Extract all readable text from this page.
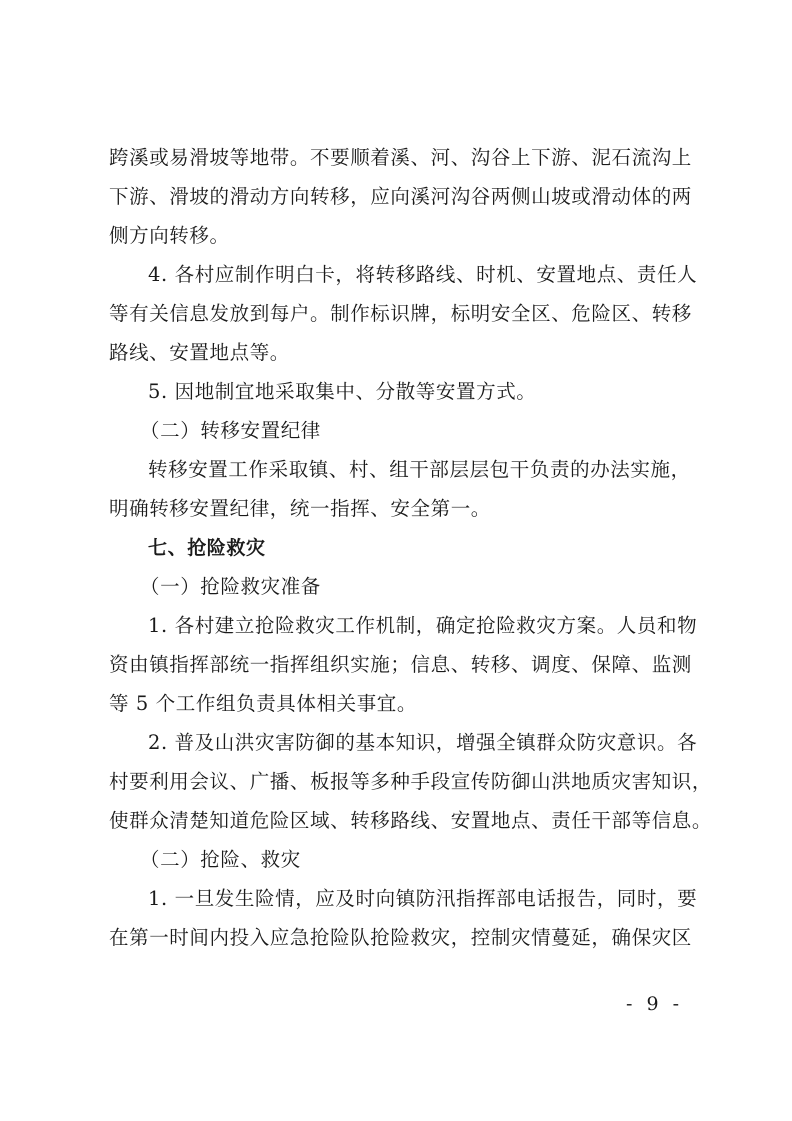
跨溪或易滑坡等地带。不要顺着溪、河、沟谷上下游、泥石流沟上
下游、滑坡的滑动方向转移，应向溪河沟谷两侧山坡或滑动体的两
侧方向转移。
4. 各村应制作明白卡，将转移路线、时机、安置地点、责任人
等有关信息发放到每户。制作标识牌，标明安全区、危险区、转移
路线、安置地点等。
5. 因地制宜地采取集中、分散等安置方式。
（二）转移安置纪律
转移安置工作采取镇、村、组干部层层包干负责的办法实施，
明确转移安置纪律，统一指挥、安全第一。
七、抢险救灾
（一）抢险救灾准备
1. 各村建立抢险救灾工作机制，确定抢险救灾方案。人员和物
资由镇指挥部统一指挥组织实施；信息、转移、调度、保障、监测
等 5 个工作组负责具体相关事宜。
2. 普及山洪灾害防御的基本知识，增强全镇群众防灾意识。各
村要利用会议、广播、板报等多种手段宣传防御山洪地质灾害知识，
使群众清楚知道危险区域、转移路线、安置地点、责任干部等信息。
（二）抢险、救灾
1. 一旦发生险情，应及时向镇防汛指挥部电话报告，同时，要
在第一时间内投入应急抢险队抢险救灾，控制灾情蔓延，确保灾区
- 9 -
